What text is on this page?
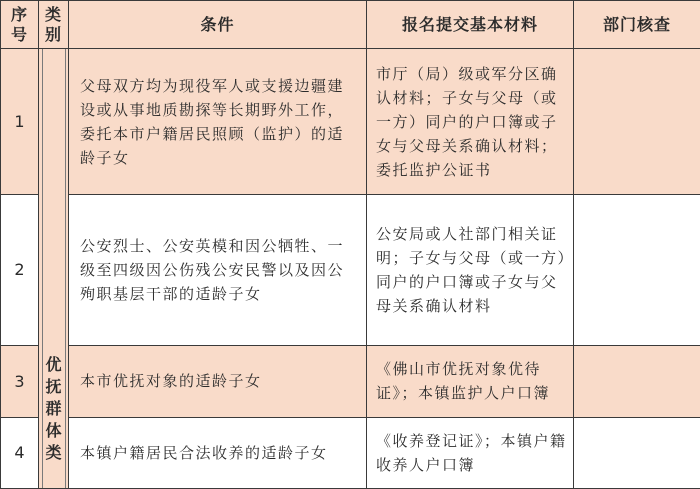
序号	类别	条件	报名提交基本材料	部门核查
1	优抚群体类	父母双方均为现役军人或支援边疆建设或从事地质勘探等长期野外工作，委托本市户籍居民照顾（监护）的适龄子女	市厅（局）级或军分区确认材料；子女与父母（或一方）同户的户口簿或子女与父母关系确认材料；委托监护公证书	
2		公安烈士、公安英模和因公牺牲、一级至四级因公伤残公安民警以及因公殉职基层干部的适龄子女	公安局或人社部门相关证明；子女与父母（或一方）同户的户口簿或子女与父母关系确认材料	
3		本市优抚对象的适龄子女	《佛山市优抚对象优待证》；本镇监护人户口簿	
4		本镇户籍居民合法收养的适龄子女	《收养登记证》；本镇户籍收养人户口簿	
